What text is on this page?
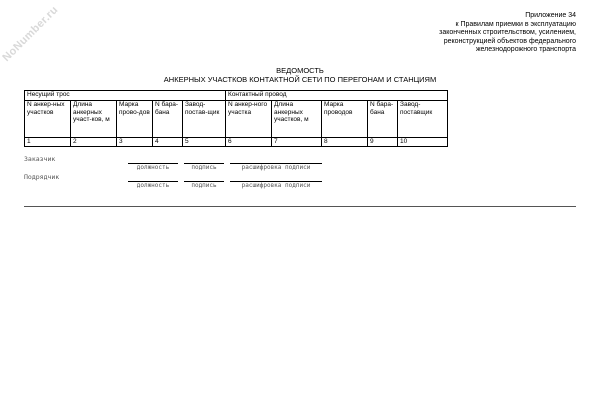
NoNumber.ru	Приложение 34
к Правилам приемки в эксплуатацию
законченных строительством, усилением,
реконструкцией объектов федерального
железнодорожного транспорта
ВЕДОМОСТЬ
АНКЕРНЫХ УЧАСТКОВ КОНТАКТНОЙ СЕТИ ПО ПЕРЕГОНАМ И СТАНЦИЯМ
Несущий трос					Контактный провод				
N анкер-ных участков	Длина анкерных участ-ков, м	Марка прово-дов	N бара-бана	Завод-постав-щик	N анкер-ного участка	Длина анкерных участков, м	Марка проводов	N бара-бана	Завод-поставщик
1	2	3	4	5	6	7	8	9	10
Заказчик
должность	подпись	расшифровка подписи
Подрядчик
должность	подпись	расшифровка подписи
